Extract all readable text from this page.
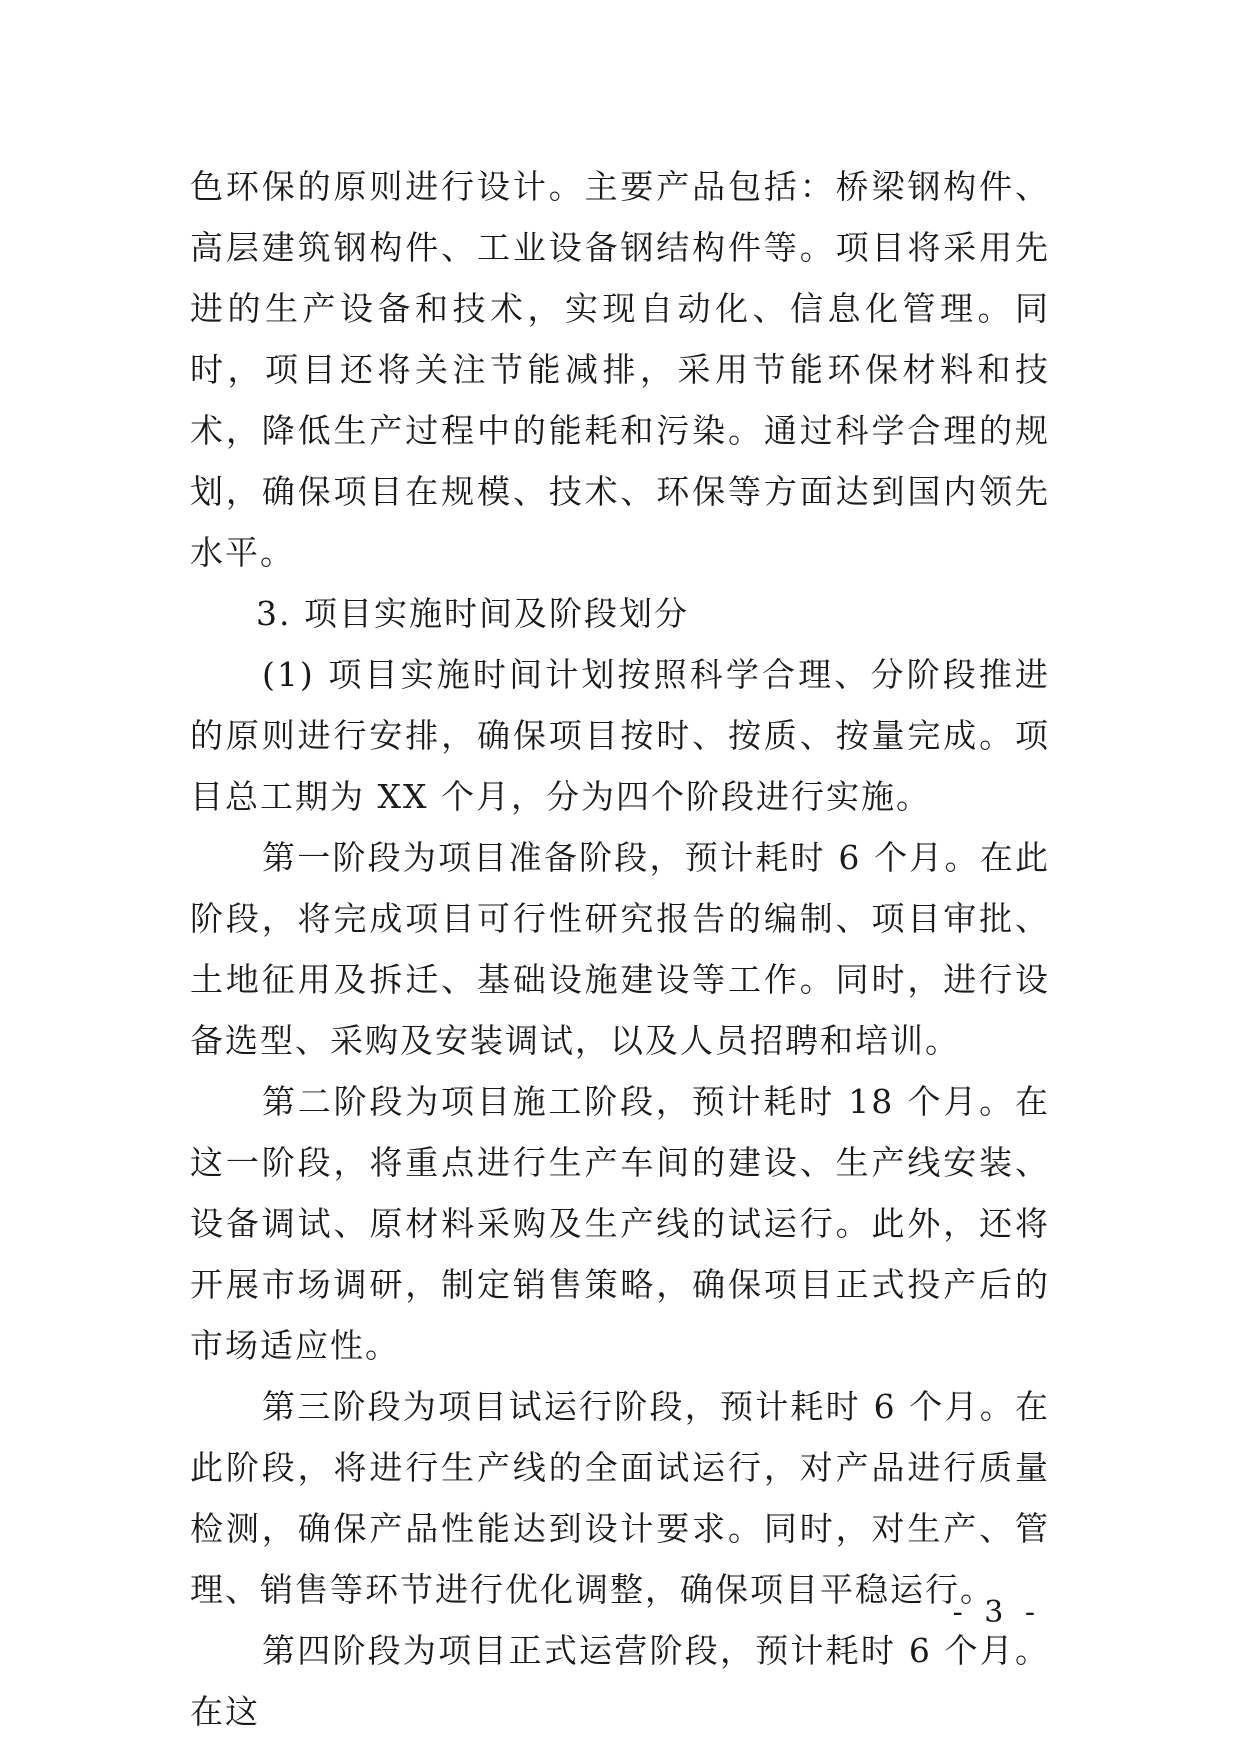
色环保的原则进行设计。主要产品包括：桥梁钢构件、高层建筑钢构件、工业设备钢结构件等。项目将采用先进的生产设备和技术，实现自动化、信息化管理。同时，项目还将关注节能减排，采用节能环保材料和技术，降低生产过程中的能耗和污染。通过科学合理的规划，确保项目在规模、技术、环保等方面达到国内领先水平。

3. 项目实施时间及阶段划分

(1) 项目实施时间计划按照科学合理、分阶段推进的原则进行安排，确保项目按时、按质、按量完成。项目总工期为 XX 个月，分为四个阶段进行实施。

第一阶段为项目准备阶段，预计耗时 6 个月。在此阶段，将完成项目可行性研究报告的编制、项目审批、土地征用及拆迁、基础设施建设等工作。同时，进行设备选型、采购及安装调试，以及人员招聘和培训。

第二阶段为项目施工阶段，预计耗时 18 个月。在这一阶段，将重点进行生产车间的建设、生产线安装、设备调试、原材料采购及生产线的试运行。此外，还将开展市场调研，制定销售策略，确保项目正式投产后的市场适应性。

第三阶段为项目试运行阶段，预计耗时 6 个月。在此阶段，将进行生产线的全面试运行，对产品进行质量检测，确保产品性能达到设计要求。同时，对生产、管理、销售等环节进行优化调整，确保项目平稳运行。

第四阶段为项目正式运营阶段，预计耗时 6 个月。在这

- 3 -
